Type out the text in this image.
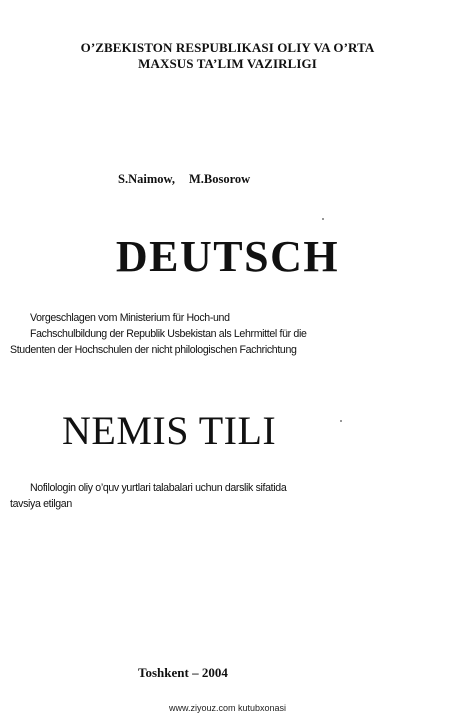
O’ZBEKISTON RESPUBLIKASI OLIY VA O’RTA
MAXSUS TA’LIM VAZIRLIGI
S.Naimow, M.Bosorow
DEUTSCH
Vorgeschlagen vom Ministerium für Hoch-und
Fachschulbildung der Republik Usbekistan als Lehrmittel für die
Studenten der Hochschulen der nicht philologischen Fachrichtung
NEMIS TILI
Nofilologin oliy o’quv yurtlari talabalari uchun darslik sifatida
tavsiya etilgan
Toshkent – 2004
www.ziyouz.com kutubxonasi
